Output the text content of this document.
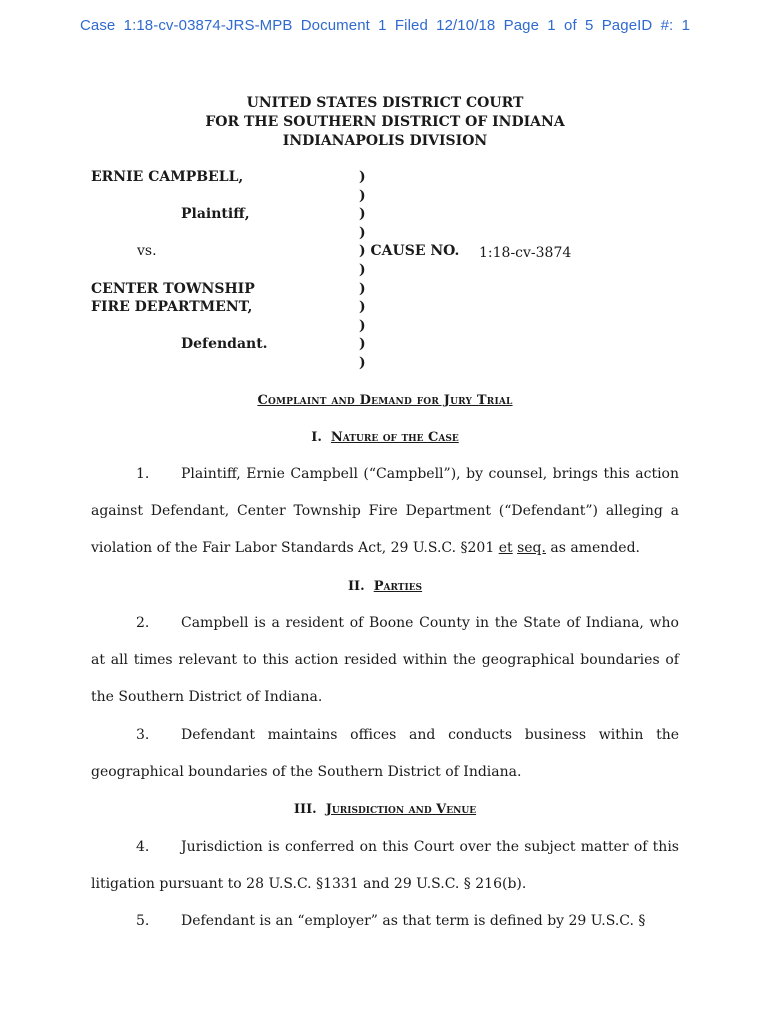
Case 1:18-cv-03874-JRS-MPB Document 1 Filed 12/10/18 Page 1 of 5 PageID #: 1
UNITED STATES DISTRICT COURT
FOR THE SOUTHERN DISTRICT OF INDIANA
INDIANAPOLIS DIVISION
ERNIE CAMPBELL,
Plaintiff,
vs.
CENTER TOWNSHIP
FIRE DEPARTMENT,
Defendant.
)
)
)
)
) CAUSE NO.
)
)
)
)
)
)
1:18-cv-3874
Complaint and Demand for Jury Trial
I. Nature of the Case
1. Plaintiff, Ernie Campbell (“Campbell”), by counsel, brings this action against Defendant, Center Township Fire Department (“Defendant”) alleging a violation of the Fair Labor Standards Act, 29 U.S.C. §201 et seq. as amended.
II. Parties
2. Campbell is a resident of Boone County in the State of Indiana, who at all times relevant to this action resided within the geographical boundaries of the Southern District of Indiana.
3. Defendant maintains offices and conducts business within the geographical boundaries of the Southern District of Indiana.
III. Jurisdiction and Venue
4. Jurisdiction is conferred on this Court over the subject matter of this litigation pursuant to 28 U.S.C. §1331 and 29 U.S.C. § 216(b).
5. Defendant is an “employer” as that term is defined by 29 U.S.C. §
